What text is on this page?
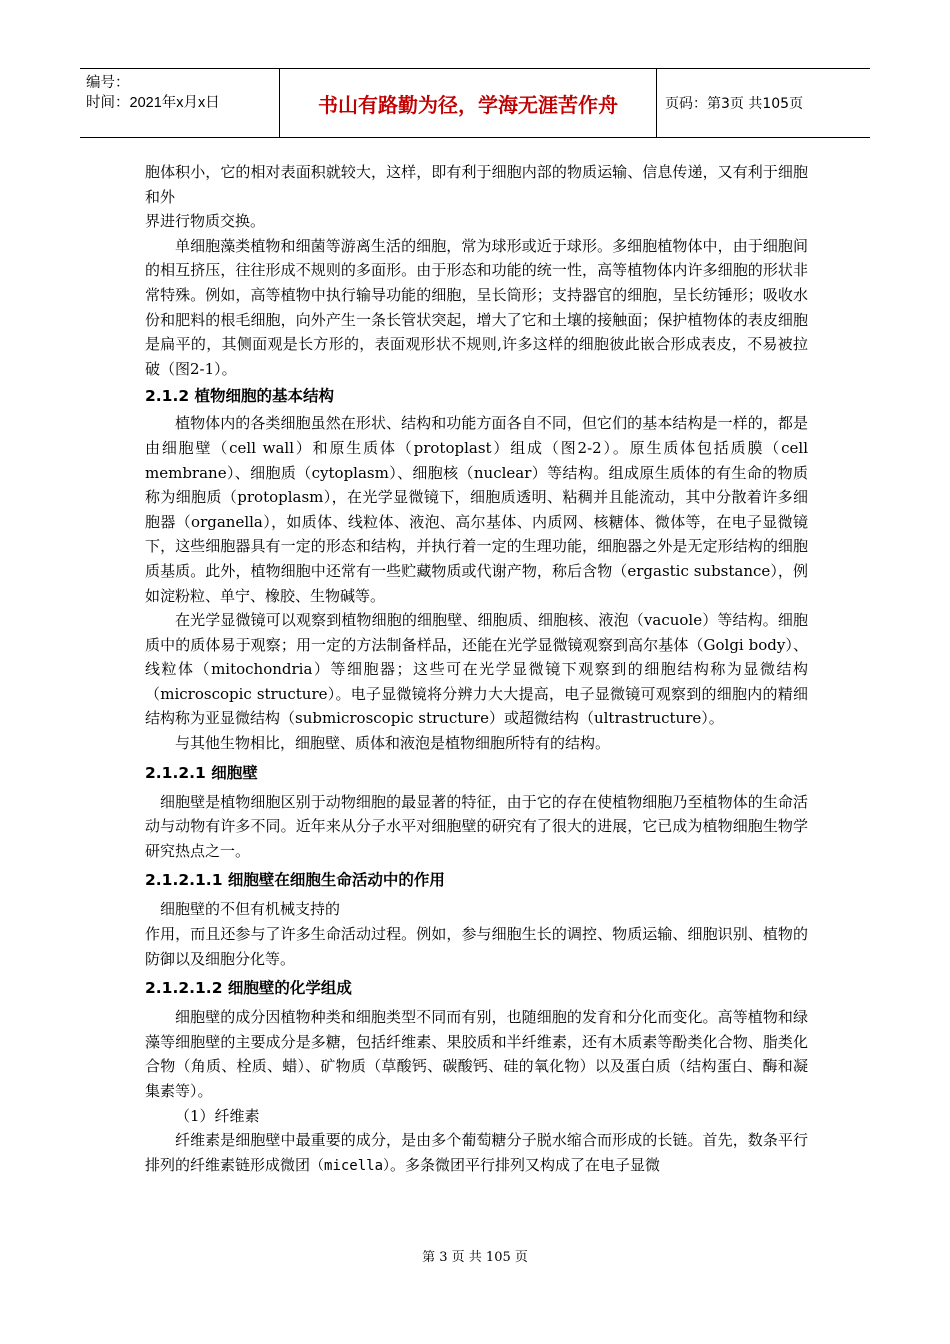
编号：
时间：2021年x月x日	书山有路勤为径，学海无涯苦作舟	页码：第3页 共105页

胞体积小，它的相对表面积就较大，这样，即有利于细胞内部的物质运输、信息传递，又有利于细胞和外

界进行物质交换。

单细胞藻类植物和细菌等游离生活的细胞，常为球形或近于球形。多细胞植物体中，由于细胞间的相互挤压，往往形成不规则的多面形。由于形态和功能的统一性，高等植物体内许多细胞的形状非常特殊。例如，高等植物中执行输导功能的细胞，呈长筒形；支持器官的细胞，呈长纺锤形；吸收水份和肥料的根毛细胞，向外产生一条长管状突起，增大了它和土壤的接触面；保护植物体的表皮细胞是扁平的，其侧面观是长方形的，表面观形状不规则,许多这样的细胞彼此嵌合形成表皮，不易被拉破（图2-1）。

2.1.2 植物细胞的基本结构

植物体内的各类细胞虽然在形状、结构和功能方面各自不同，但它们的基本结构是一样的，都是由细胞壁（cell wall）和原生质体（protoplast）组成（图2-2）。原生质体包括质膜（cell membrane）、细胞质（cytoplasm）、细胞核（nuclear）等结构。组成原生质体的有生命的物质称为细胞质（protoplasm），在光学显微镜下，细胞质透明、粘稠并且能流动，其中分散着许多细胞器（organella），如质体、线粒体、液泡、高尔基体、内质网、核糖体、微体等，在电子显微镜下，这些细胞器具有一定的形态和结构，并执行着一定的生理功能，细胞器之外是无定形结构的细胞质基质。此外，植物细胞中还常有一些贮藏物质或代谢产物，称后含物（ergastic substance），例如淀粉粒、单宁、橡胶、生物碱等。

在光学显微镜可以观察到植物细胞的细胞壁、细胞质、细胞核、液泡（vacuole）等结构。细胞质中的质体易于观察；用一定的方法制备样品，还能在光学显微镜观察到高尔基体（Golgi body）、线粒体（mitochondria）等细胞器；这些可在光学显微镜下观察到的细胞结构称为显微结构（microscopic structure）。电子显微镜将分辨力大大提高，电子显微镜可观察到的细胞内的精细结构称为亚显微结构（submicroscopic structure）或超微结构（ultrastructure）。

与其他生物相比，细胞壁、质体和液泡是植物细胞所特有的结构。

2.1.2.1 细胞壁

细胞壁是植物细胞区别于动物细胞的最显著的特征，由于它的存在使植物细胞乃至植物体的生命活动与动物有许多不同。近年来从分子水平对细胞壁的研究有了很大的进展，它已成为植物细胞生物学研究热点之一。

2.1.2.1.1 细胞壁在细胞生命活动中的作用

细胞壁的不但有机械支持的

作用，而且还参与了许多生命活动过程。例如，参与细胞生长的调控、物质运输、细胞识别、植物的防御以及细胞分化等。

2.1.2.1.2 细胞壁的化学组成

细胞壁的成分因植物种类和细胞类型不同而有别，也随细胞的发育和分化而变化。高等植物和绿藻等细胞壁的主要成分是多糖，包括纤维素、果胶质和半纤维素，还有木质素等酚类化合物、脂类化合物（角质、栓质、蜡）、矿物质（草酸钙、碳酸钙、硅的氧化物）以及蛋白质（结构蛋白、酶和凝集素等）。

（1）纤维素

纤维素是细胞壁中最重要的成分，是由多个葡萄糖分子脱水缩合而形成的长链。首先，数条平行排列的纤维素链形成微团（micella）。多条微团平行排列又构成了在电子显微

第 3 页 共 105 页
